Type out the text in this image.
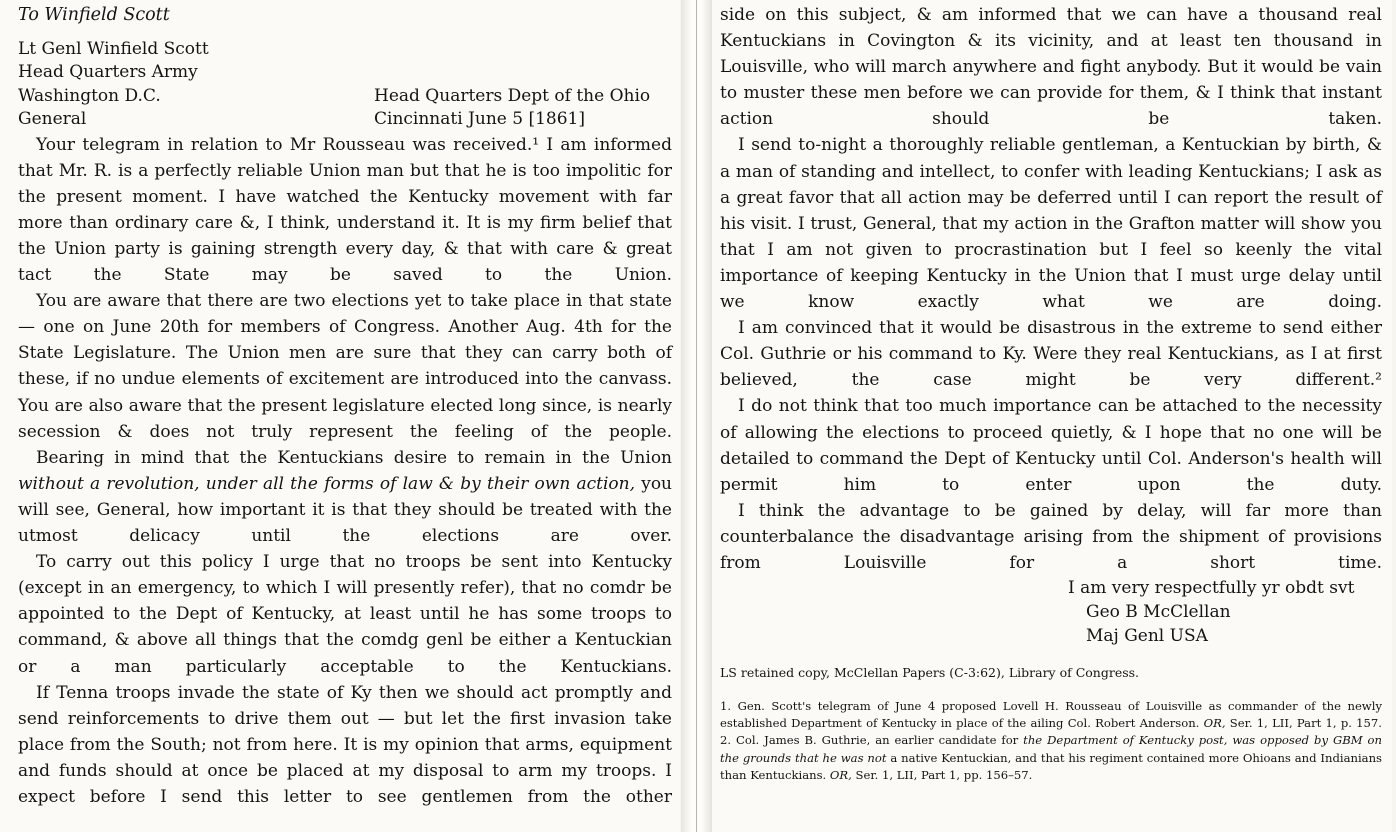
To Winfield Scott

Lt Genl Winfield Scott
Head Quarters Army
Washington D.C.
General
Head Quarters Dept of the Ohio
Cincinnati June 5 [1861]

Your telegram in relation to Mr Rousseau was received.¹ I am informed that Mr. R. is a perfectly reliable Union man but that he is too impolitic for the present moment. I have watched the Kentucky movement with far more than ordinary care &, I think, understand it. It is my firm belief that the Union party is gaining strength every day, & that with care & great tact the State may be saved to the Union.

You are aware that there are two elections yet to take place in that state — one on June 20th for members of Congress. Another Aug. 4th for the State Legislature. The Union men are sure that they can carry both of these, if no undue elements of excitement are introduced into the canvass. You are also aware that the present legislature elected long since, is nearly secession & does not truly represent the feeling of the people.

Bearing in mind that the Kentuckians desire to remain in the Union without a revolution, under all the forms of law & by their own action, you will see, General, how important it is that they should be treated with the utmost delicacy until the elections are over.

To carry out this policy I urge that no troops be sent into Kentucky (except in an emergency, to which I will presently refer), that no comdr be appointed to the Dept of Kentucky, at least until he has some troops to command, & above all things that the comdg genl be either a Kentuckian or a man particularly acceptable to the Kentuckians.

If Tenna troops invade the state of Ky then we should act promptly and send reinforcements to drive them out — but let the first invasion take place from the South; not from here. It is my opinion that arms, equipment and funds should at once be placed at my disposal to arm my troops. I expect before I send this letter to see gentlemen from the other

side on this subject, & am informed that we can have a thousand real Kentuckians in Covington & its vicinity, and at least ten thousand in Louisville, who will march anywhere and fight anybody. But it would be vain to muster these men before we can provide for them, & I think that instant action should be taken.

I send to-night a thoroughly reliable gentleman, a Kentuckian by birth, & a man of standing and intellect, to confer with leading Kentuckians; I ask as a great favor that all action may be deferred until I can report the result of his visit. I trust, General, that my action in the Grafton matter will show you that I am not given to procrastination but I feel so keenly the vital importance of keeping Kentucky in the Union that I must urge delay until we know exactly what we are doing.

I am convinced that it would be disastrous in the extreme to send either Col. Guthrie or his command to Ky. Were they real Kentuckians, as I at first believed, the case might be very different.²

I do not think that too much importance can be attached to the necessity of allowing the elections to proceed quietly, & I hope that no one will be detailed to command the Dept of Kentucky until Col. Anderson's health will permit him to enter upon the duty.

I think the advantage to be gained by delay, will far more than counterbalance the disadvantage arising from the shipment of provisions from Louisville for a short time.

I am very respectfully yr obdt svt

Geo B McClellan

Maj Genl USA

LS retained copy, McClellan Papers (C-3:62), Library of Congress.

1. Gen. Scott's telegram of June 4 proposed Lovell H. Rousseau of Louisville as commander of the newly established Department of Kentucky in place of the ailing Col. Robert Anderson. OR, Ser. 1, LII, Part 1, p. 157. 2. Col. James B. Guthrie, an earlier candidate for the Department of Kentucky post, was opposed by GBM on the grounds that he was not a native Kentuckian, and that his regiment contained more Ohioans and Indianians than Kentuckians. OR, Ser. 1, LII, Part 1, pp. 156–57.
